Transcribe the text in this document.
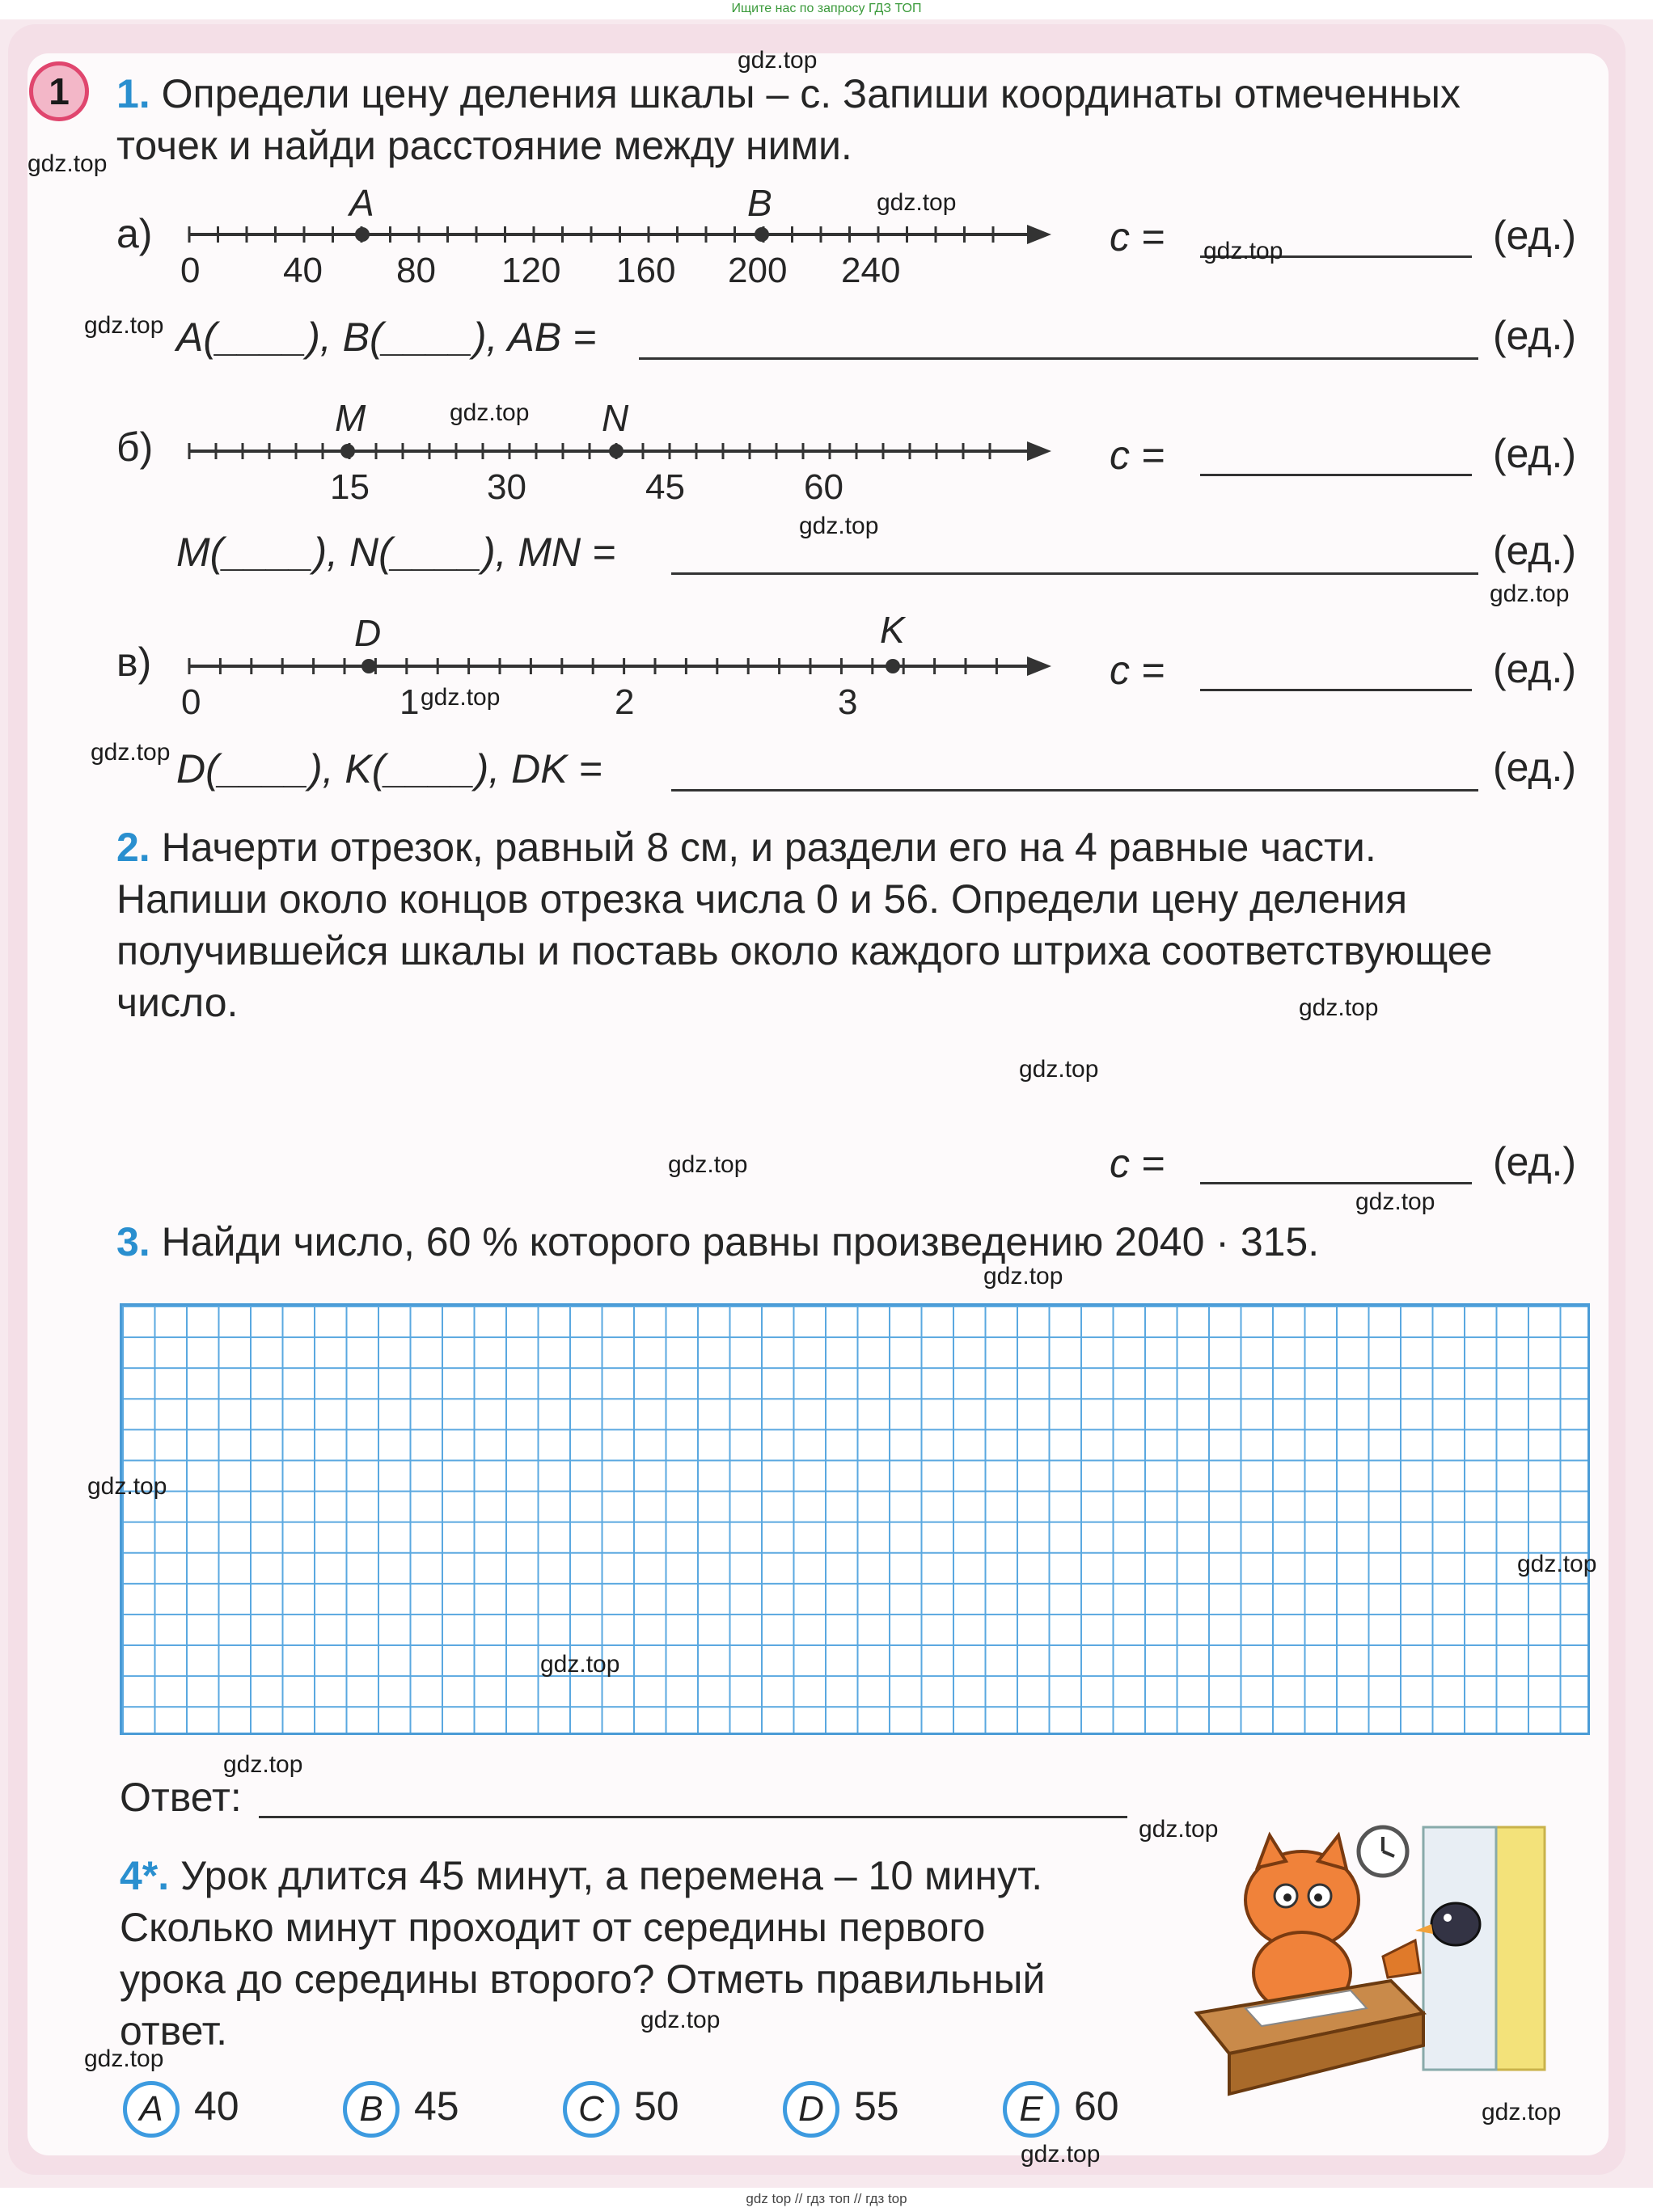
Ищите нас по запросу ГДЗ ТОП
1	1. Определи цену деления шкалы – с. Запиши координаты отмеченных
точек и найди расстояние между ними.
а)
A	B
0 40 80 120 160 200 240
c =	(ед.)
A(____), B(____), AB =	(ед.)
б)
M	N
15	30	45	60
c =	(ед.)
M(____), N(____), MN =	(ед.)
в)
D	K
0	1	2	3
c =	(ед.)
D(____), K(____), DK =	(ед.)
2. Начерти отрезок, равный 8 см, и раздели его на 4 равные части.
Напиши около концов отрезка числа 0 и 56. Определи цену деления
получившейся шкалы и поставь около каждого штриха соответствующее
число.
c =	(ед.)
3. Найди число, 60 % которого равны произведению 2040 · 315.
Ответ:
4*. Урок длится 45 минут, а перемена – 10 минут.
Сколько минут проходит от середины первого
урока до середины второго? Отметь правильный
ответ.
A 40	B 45	C 50	D 55	E 60
gdz.top
gdz.top
gdz.top
gdz.top
gdz.top
gdz.top
gdz.top
gdz.top
gdz.top
gdz.top
gdz.top
gdz.top
gdz.top
gdz.top
gdz.top
gdz.top
gdz.top
gdz.top
gdz.top
gdz.top
gdz.top
gdz.top
gdz.top
gdz.top
gdz top // гдз топ // гдз top
